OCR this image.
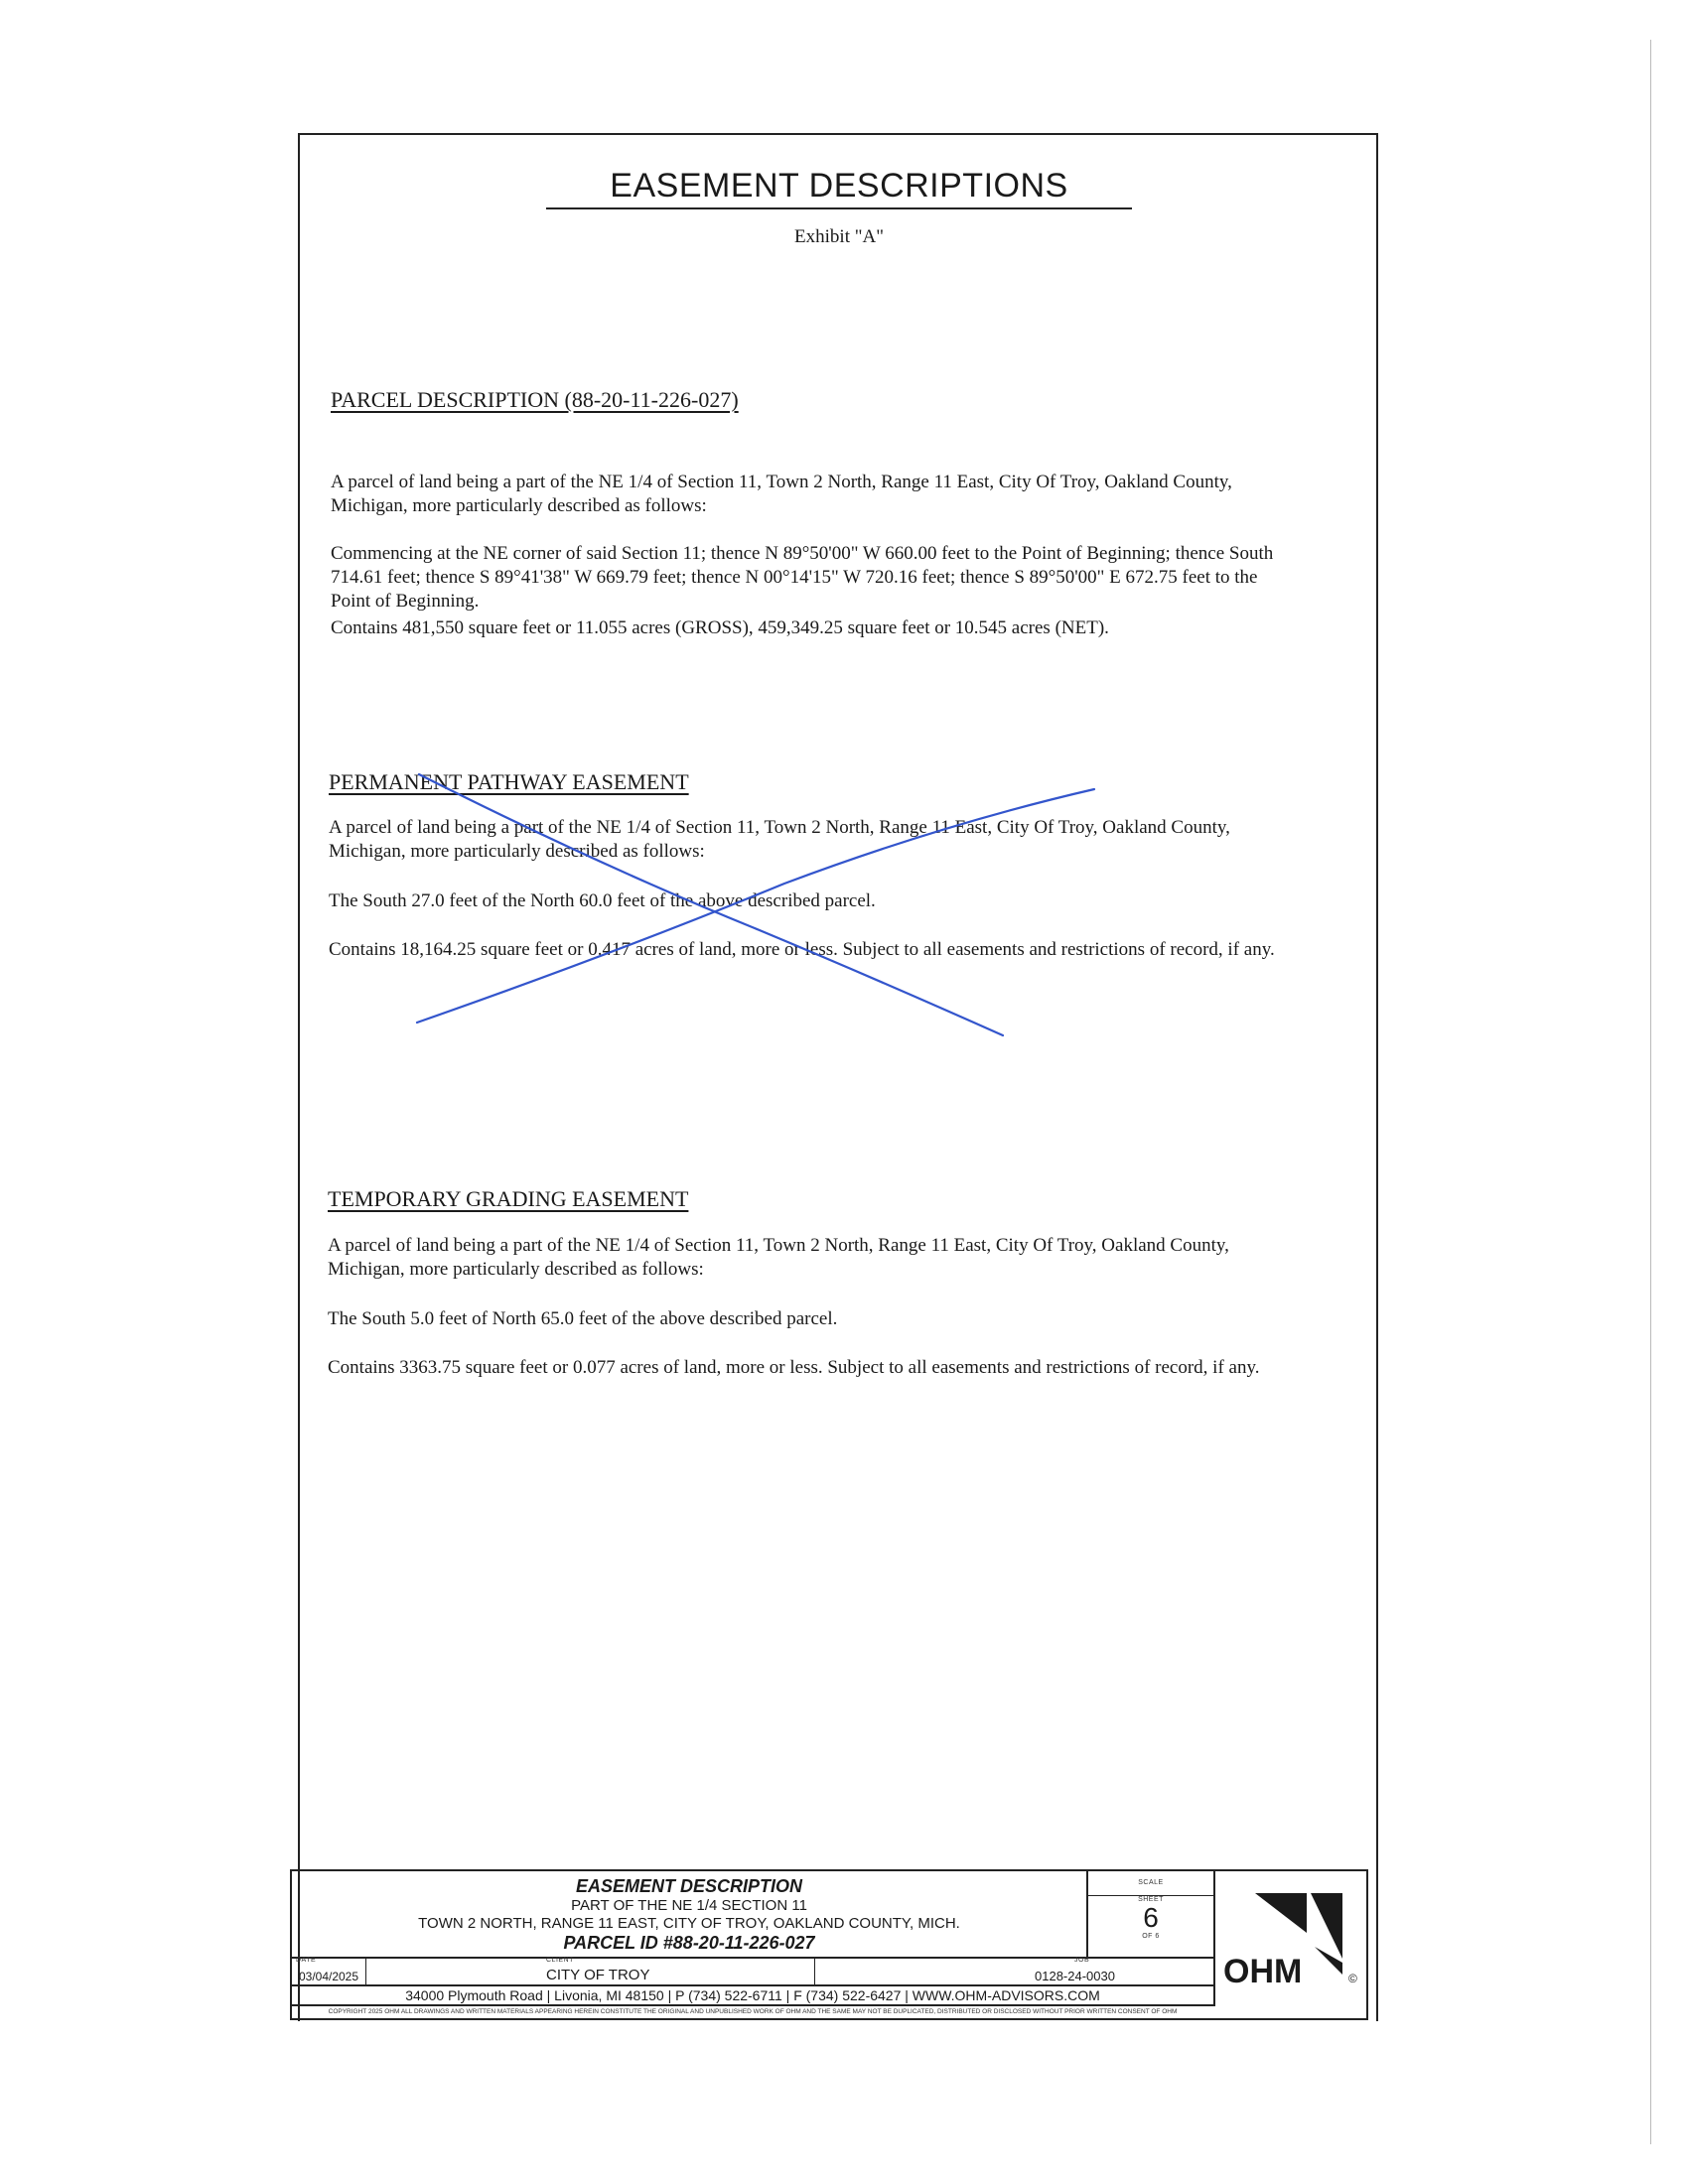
EASEMENT DESCRIPTIONS
Exhibit "A"
PARCEL DESCRIPTION (88-20-11-226-027)
A parcel of land being a part of the NE 1/4 of Section 11, Town 2 North, Range 11 East, City Of Troy, Oakland County, Michigan, more particularly described as follows:
Commencing at the NE corner of said Section 11; thence N 89°50'00" W 660.00 feet to the Point of Beginning; thence South 714.61 feet; thence S 89°41'38" W 669.79 feet; thence N 00°14'15" W 720.16 feet; thence S 89°50'00" E 672.75 feet to the Point of Beginning.
Contains 481,550 square feet or 11.055 acres (GROSS), 459,349.25 square feet or 10.545 acres (NET).
PERMANENT PATHWAY EASEMENT
A parcel of land being a part of the NE 1/4 of Section 11, Town 2 North, Range 11 East, City Of Troy, Oakland County, Michigan, more particularly described as follows:
The South 27.0 feet of the North 60.0 feet of the above described parcel.
Contains 18,164.25 square feet or 0.417 acres of land, more or less. Subject to all easements and restrictions of record, if any.
TEMPORARY GRADING EASEMENT
A parcel of land being a part of the NE 1/4 of Section 11, Town 2 North, Range 11 East, City Of Troy, Oakland County, Michigan, more particularly described as follows:
The South 5.0 feet of North 65.0 feet of the above described parcel.
Contains 3363.75 square feet or 0.077 acres of land, more or less. Subject to all easements and restrictions of record, if any.
EASEMENT DESCRIPTION
PART OF THE NE 1/4 SECTION 11
TOWN 2 NORTH, RANGE 11 EAST, CITY OF TROY, OAKLAND COUNTY, MICH.
PARCEL ID #88-20-11-226-027
SCALE
SHEET
6
OF 6
OHM	©
DATE
03/04/2025
CLIENT
CITY OF TROY
JOB
0128-24-0030
34000 Plymouth Road | Livonia, MI 48150 | P (734) 522-6711 | F (734) 522-6427 | WWW.OHM-ADVISORS.COM
COPYRIGHT 2025 OHM ALL DRAWINGS AND WRITTEN MATERIALS APPEARING HEREIN CONSTITUTE THE ORIGINAL AND UNPUBLISHED WORK OF OHM AND THE SAME MAY NOT BE DUPLICATED, DISTRIBUTED OR DISCLOSED WITHOUT PRIOR WRITTEN CONSENT OF OHM
